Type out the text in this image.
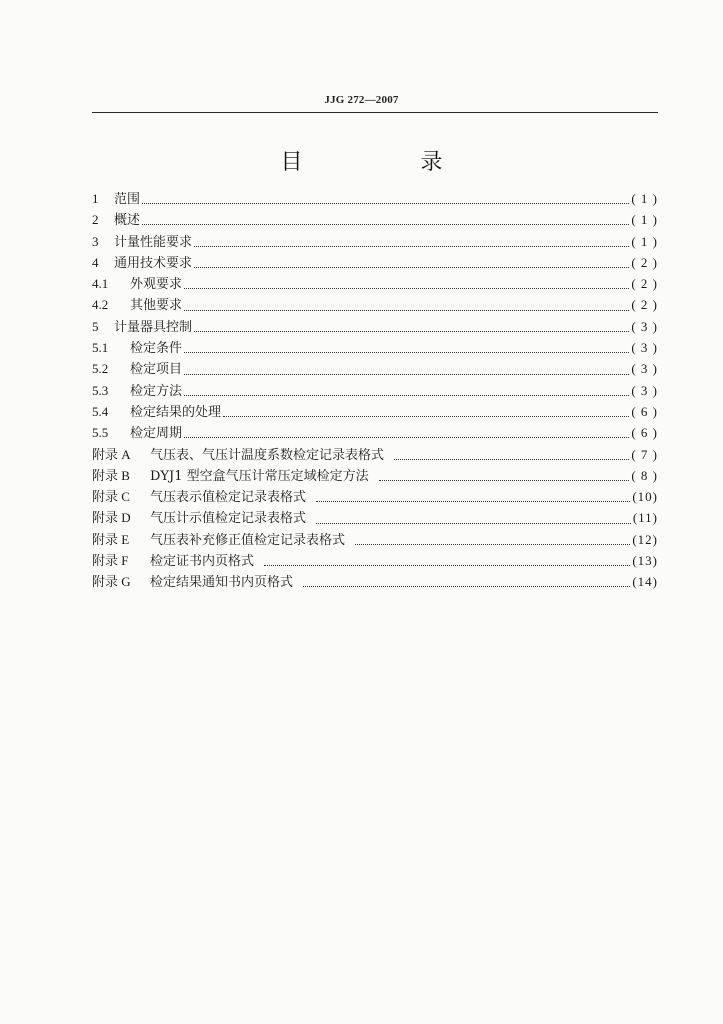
JJG 272—2007
目　录
1	范围	( 1 )
2	概述	( 1 )
3	计量性能要求	( 1 )
4	通用技术要求	( 2 )
4.1	外观要求	( 2 )
4.2	其他要求	( 2 )
5	计量器具控制	( 3 )
5.1	检定条件	( 3 )
5.2	检定项目	( 3 )
5.3	检定方法	( 3 )
5.4	检定结果的处理	( 6 )
5.5	检定周期	( 6 )
附录 A	气压表、气压计温度系数检定记录表格式	( 7 )
附录 B	DYJ1 型空盒气压计常压定域检定方法	( 8 )
附录 C	气压表示值检定记录表格式	(10)
附录 D	气压计示值检定记录表格式	(11)
附录 E	气压表补充修正值检定记录表格式	(12)
附录 F	检定证书内页格式	(13)
附录 G	检定结果通知书内页格式	(14)
